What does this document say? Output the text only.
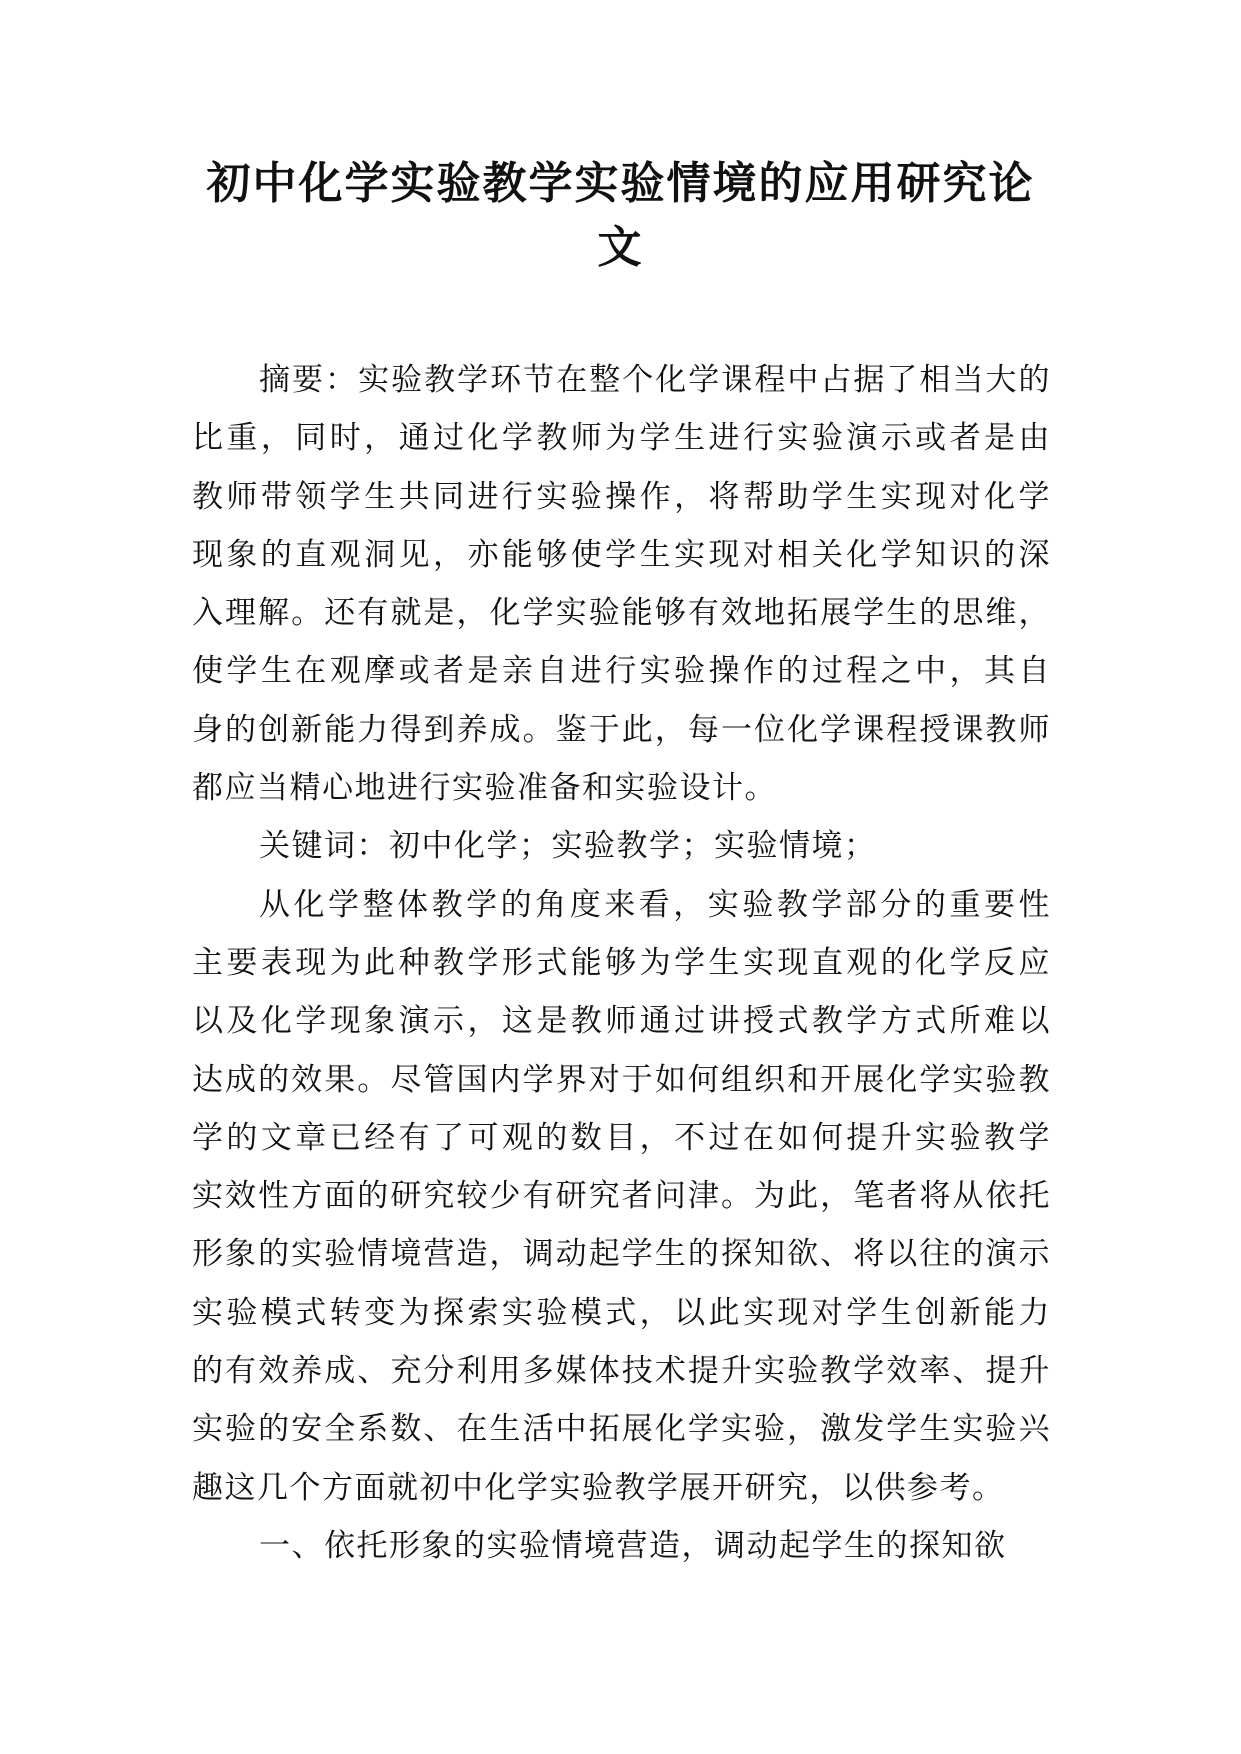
初中化学实验教学实验情境的应用研究论
文
摘要：实验教学环节在整个化学课程中占据了相当大的
比重，同时，通过化学教师为学生进行实验演示或者是由
教师带领学生共同进行实验操作，将帮助学生实现对化学
现象的直观洞见，亦能够使学生实现对相关化学知识的深
入理解。还有就是，化学实验能够有效地拓展学生的思维，
使学生在观摩或者是亲自进行实验操作的过程之中，其自
身的创新能力得到养成。鉴于此，每一位化学课程授课教师
都应当精心地进行实验准备和实验设计。
关键词：初中化学；实验教学；实验情境；
从化学整体教学的角度来看，实验教学部分的重要性
主要表现为此种教学形式能够为学生实现直观的化学反应
以及化学现象演示，这是教师通过讲授式教学方式所难以
达成的效果。尽管国内学界对于如何组织和开展化学实验教
学的文章已经有了可观的数目，不过在如何提升实验教学
实效性方面的研究较少有研究者问津。为此，笔者将从依托
形象的实验情境营造，调动起学生的探知欲、将以往的演示
实验模式转变为探索实验模式，以此实现对学生创新能力
的有效养成、充分利用多媒体技术提升实验教学效率、提升
实验的安全系数、在生活中拓展化学实验，激发学生实验兴
趣这几个方面就初中化学实验教学展开研究，以供参考。
一、依托形象的实验情境营造，调动起学生的探知欲
